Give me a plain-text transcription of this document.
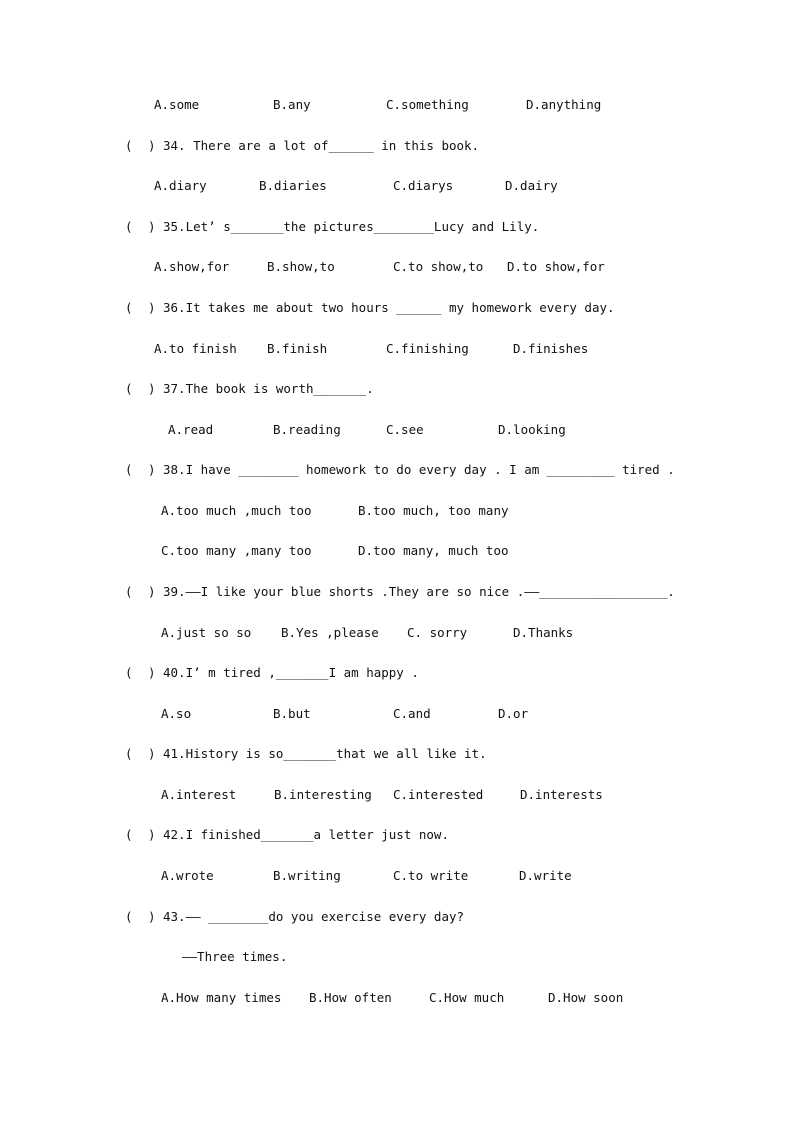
A.some	B.any	C.something	D.anything
( ) 34. There are a lot of______ in this book.
A.diary	B.diaries	C.diarys	D.dairy
( ) 35.Let’ s_______the pictures________Lucy and Lily.
A.show,for	B.show,to	C.to show,to D.to show,for
( ) 36.It takes me about two hours ______ my homework every day.
A.to finish B.finish	C.finishing	D.finishes
( ) 37.The book is worth_______.
A.read	B.reading	C.see	D.looking
( ) 38.I have ________ homework to do every day . I am _________ tired .
A.too much ,much too	B.too much, too many
C.too many ,many too	D.too many, much too
( ) 39.——I like your blue shorts .They are so nice .——_________________.
A.just so so B.Yes ,please C. sorry	D.Thanks
( ) 40.I’ m tired ,_______I am happy .
A.so	B.but	C.and	D.or
( ) 41.History is so_______that we all like it.
A.interest	B.interesting C.interested	D.interests
( ) 42.I finished_______a letter just now.
A.wrote	B.writing	C.to write	D.write
( ) 43.—— ________do you exercise every day?
——Three times.
A.How many times B.How often	C.How much	D.How soon
